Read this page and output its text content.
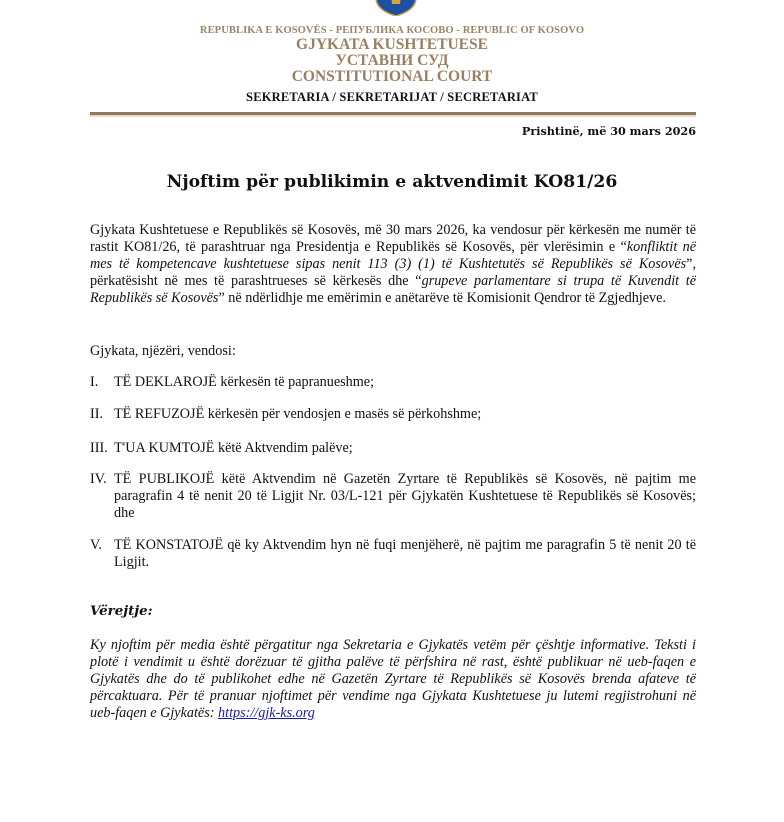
REPUBLIKA E KOSOVËS - РЕПУБЛИКА КОСОВО - REPUBLIC OF KOSOVO
GJYKATA KUSHTETUESE
УСТАВНИ СУД
CONSTITUTIONAL COURT
SEKRETARIA / SEKRETARIJAT / SECRETARIAT
Prishtinë, më 30 mars 2026
Njoftim për publikimin e aktvendimit KO81/26
Gjykata Kushtetuese e Republikës së Kosovës, më 30 mars 2026, ka vendosur për kërkesën me numër të rastit KO81/26, të parashtruar nga Presidentja e Republikës së Kosovës, për vlerësimin e “konfliktit në mes të kompetencave kushtetuese sipas nenit 113 (3) (1) të Kushtetutës së Republikës së Kosovës”, përkatësisht në mes të parashtrueses së kërkesës dhe “grupeve parlamentare si trupa të Kuvendit të Republikës së Kosovës” në ndërlidhje me emërimin e anëtarëve të Komisionit Qendror të Zgjedhjeve.
Gjykata, njëzëri, vendosi:
I. TË DEKLAROJË kërkesën të papranueshme;
II. TË REFUZOJË kërkesën për vendosjen e masës së përkohshme;
III. T'UA KUMTOJË këtë Aktvendim palëve;
IV. TË PUBLIKOJË këtë Aktvendim në Gazetën Zyrtare të Republikës së Kosovës, në pajtim me paragrafin 4 të nenit 20 të Ligjit Nr. 03/L-121 për Gjykatën Kushtetuese të Republikës së Kosovës; dhe
V. TË KONSTATOJË që ky Aktvendim hyn në fuqi menjëherë, në pajtim me paragrafin 5 të nenit 20 të Ligjit.
Vërejtje:
Ky njoftim për media është përgatitur nga Sekretaria e Gjykatës vetëm për çështje informative. Teksti i plotë i vendimit u është dorëzuar të gjitha palëve të përfshira në rast, është publikuar në ueb-faqen e Gjykatës dhe do të publikohet edhe në Gazetën Zyrtare të Republikës së Kosovës brenda afateve të përcaktuara. Për të pranuar njoftimet për vendime nga Gjykata Kushtetuese ju lutemi regjistrohuni në ueb-faqen e Gjykatës: https://gjk-ks.org
